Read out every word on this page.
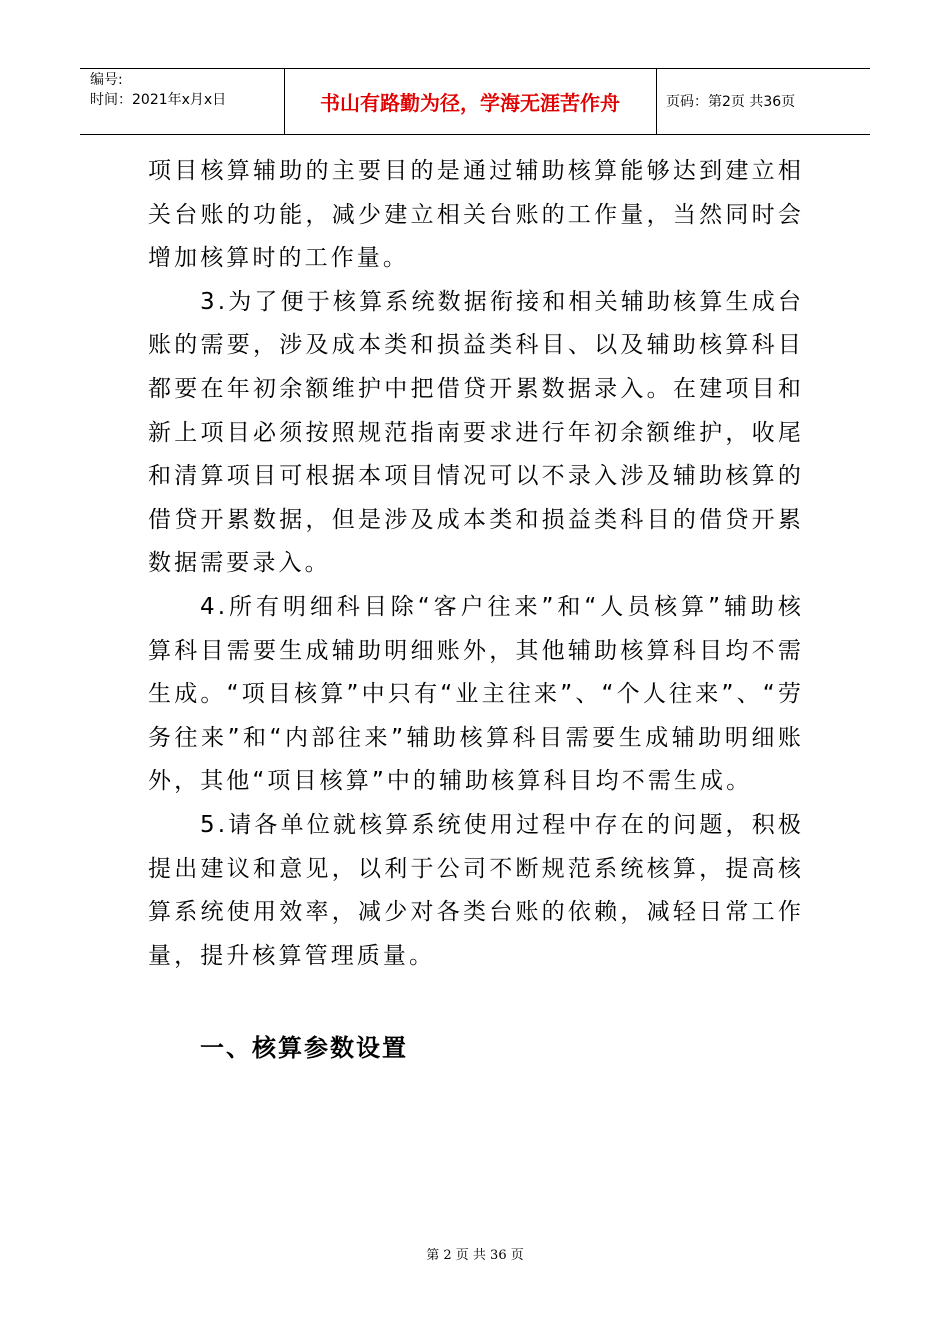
编号:
时间：2021年x月x日	书山有路勤为径，学海无涯苦作舟	页码：第2页 共36页

项目核算辅助的主要目的是通过辅助核算能够达到建立相关台账的功能，减少建立相关台账的工作量，当然同时会增加核算时的工作量。

3.为了便于核算系统数据衔接和相关辅助核算生成台账的需要，涉及成本类和损益类科目、以及辅助核算科目都要在年初余额维护中把借贷开累数据录入。在建项目和新上项目必须按照规范指南要求进行年初余额维护，收尾和清算项目可根据本项目情况可以不录入涉及辅助核算的借贷开累数据，但是涉及成本类和损益类科目的借贷开累数据需要录入。

4.所有明细科目除“客户往来”和“人员核算”辅助核算科目需要生成辅助明细账外，其他辅助核算科目均不需生成。“项目核算”中只有“业主往来”、“个人往来”、“劳务往来”和“内部往来”辅助核算科目需要生成辅助明细账外，其他“项目核算”中的辅助核算科目均不需生成。

5.请各单位就核算系统使用过程中存在的问题，积极提出建议和意见，以利于公司不断规范系统核算，提高核算系统使用效率，减少对各类台账的依赖，减轻日常工作量，提升核算管理质量。

一、核算参数设置
第 2 页 共 36 页
